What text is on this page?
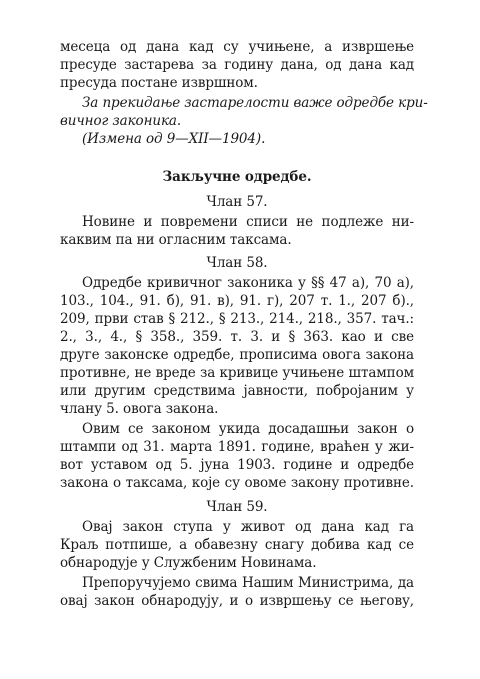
месеца од дана кад су учињене, а извршење
пресуде застарева за годину дана, од дана кад
пресуда постане извршном.
За прекидање застарелости важе одредбе кри-
вичног законика.
(Измена од 9—XII—1904).
Закључне одредбе.
Члан 57.
Новине и повремени списи не подлеже ни-
каквим па ни огласним таксама.
Члан 58.
Одредбе кривичног законика у §§ 47 а), 70 а),
103., 104., 91. б), 91. в), 91. г), 207 т. 1., 207 б).,
209, први став § 212., § 213., 214., 218., 357. тач.:
2., 3., 4., § 358., 359. т. 3. и § 363. као и све
друге законске одредбе, прописима овога закона
противне, не вреде за кривице учињене штампом
или другим средствима јавности, побројаним у
члану 5. овога закона.
Овим се законом укида досадашњи закон о
штампи од 31. марта 1891. године, враћен у жи-
вот уставом од 5. јуна 1903. године и одредбе
закона о таксама, које су овоме закону противне.
Члан 59.
Овај закон ступа у живот од дана кад га
Краљ потпише, а обавезну снагу добива кад се
обнародује у Службеним Новинама.
Препоручујемо свима Нашим Министрима, да
овај закон обнародују, и о извршењу се његову,
